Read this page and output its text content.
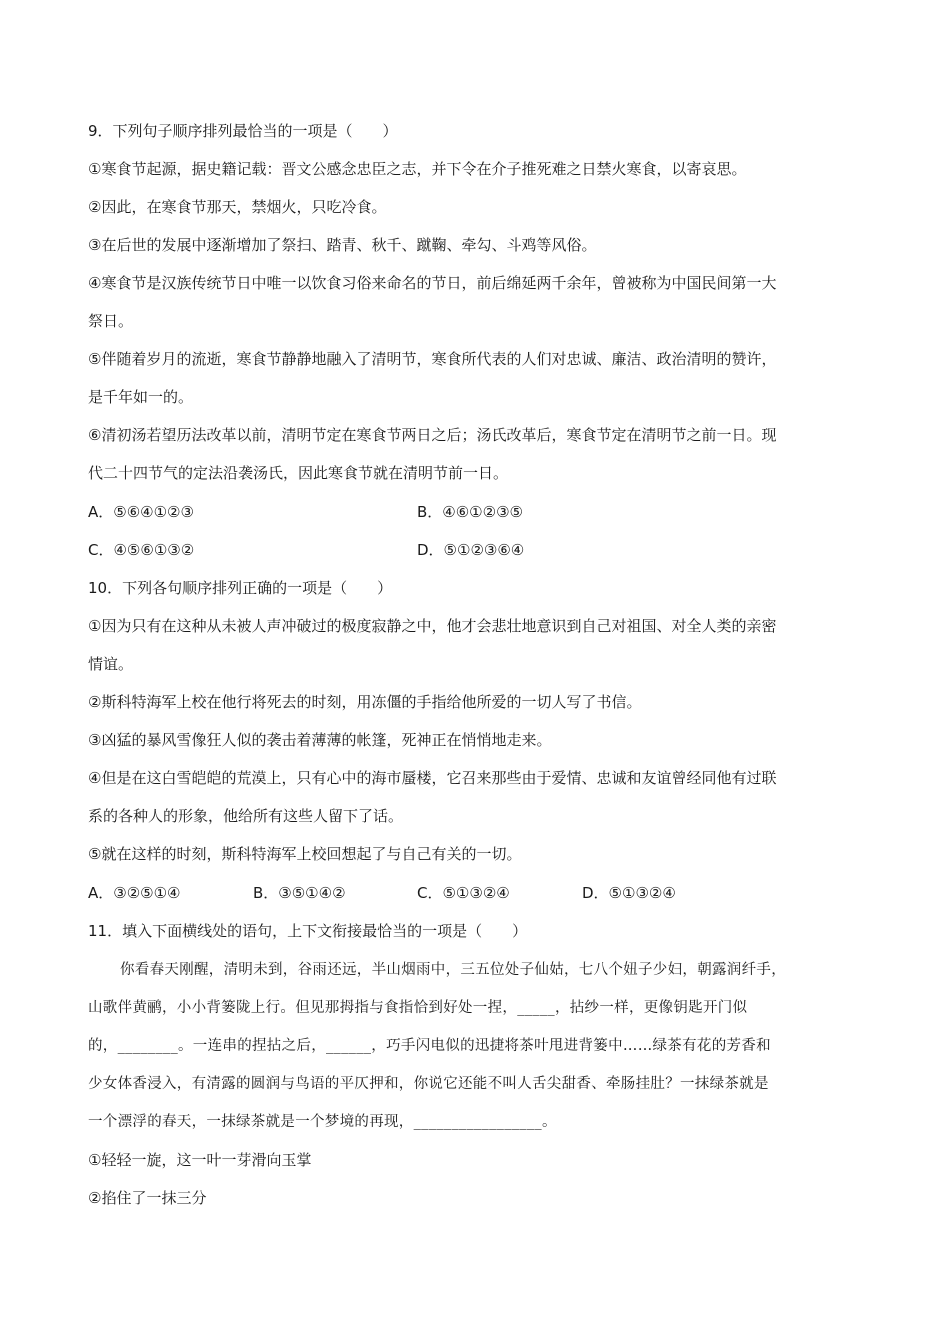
9．下列句子顺序排列最恰当的一项是（　　）
①寒食节起源，据史籍记载：晋文公感念忠臣之志，并下令在介子推死难之日禁火寒食，以寄哀思。
②因此，在寒食节那天，禁烟火，只吃冷食。
③在后世的发展中逐渐增加了祭扫、踏青、秋千、蹴鞠、牵勾、斗鸡等风俗。
④寒食节是汉族传统节日中唯一以饮食习俗来命名的节日，前后绵延两千余年，曾被称为中国民间第一大
祭日。
⑤伴随着岁月的流逝，寒食节静静地融入了清明节，寒食所代表的人们对忠诚、廉洁、政治清明的赞许，
是千年如一的。
⑥清初汤若望历法改革以前，清明节定在寒食节两日之后；汤氏改革后，寒食节定在清明节之前一日。现
代二十四节气的定法沿袭汤氏，因此寒食节就在清明节前一日。
A．⑤⑥④①②③	B．④⑥①②③⑤
C．④⑤⑥①③②	D．⑤①②③⑥④
10．下列各句顺序排列正确的一项是（　　）
①因为只有在这种从未被人声冲破过的极度寂静之中，他才会悲壮地意识到自己对祖国、对全人类的亲密
情谊。
②斯科特海军上校在他行将死去的时刻，用冻僵的手指给他所爱的一切人写了书信。
③凶猛的暴风雪像狂人似的袭击着薄薄的帐篷，死神正在悄悄地走来。
④但是在这白雪皑皑的荒漠上，只有心中的海市蜃楼，它召来那些由于爱情、忠诚和友谊曾经同他有过联
系的各种人的形象，他给所有这些人留下了话。
⑤就在这样的时刻，斯科特海军上校回想起了与自己有关的一切。
A．③②⑤①④	B．③⑤①④②	C．⑤①③②④	D．⑤①③②④
11．填入下面横线处的语句，上下文衔接最恰当的一项是（　　）
你看春天刚醒，清明未到，谷雨还远，半山烟雨中，三五位处子仙姑，七八个妞子少妇，朝露润纤手，
山歌伴黄鹂，小小背篓陇上行。但见那拇指与食指恰到好处一捏，_____，拈纱一样，更像钥匙开门似
的，________。一连串的捏拈之后，______，巧手闪电似的迅捷将茶叶甩进背篓中……绿茶有花的芳香和
少女体香浸入，有清露的圆润与鸟语的平仄押和，你说它还能不叫人舌尖甜香、牵肠挂肚？一抹绿茶就是
一个漂浮的春天，一抹绿茶就是一个梦境的再现，_________________。
①轻轻一旋，这一叶一芽滑向玉掌
②掐住了一抹三分
